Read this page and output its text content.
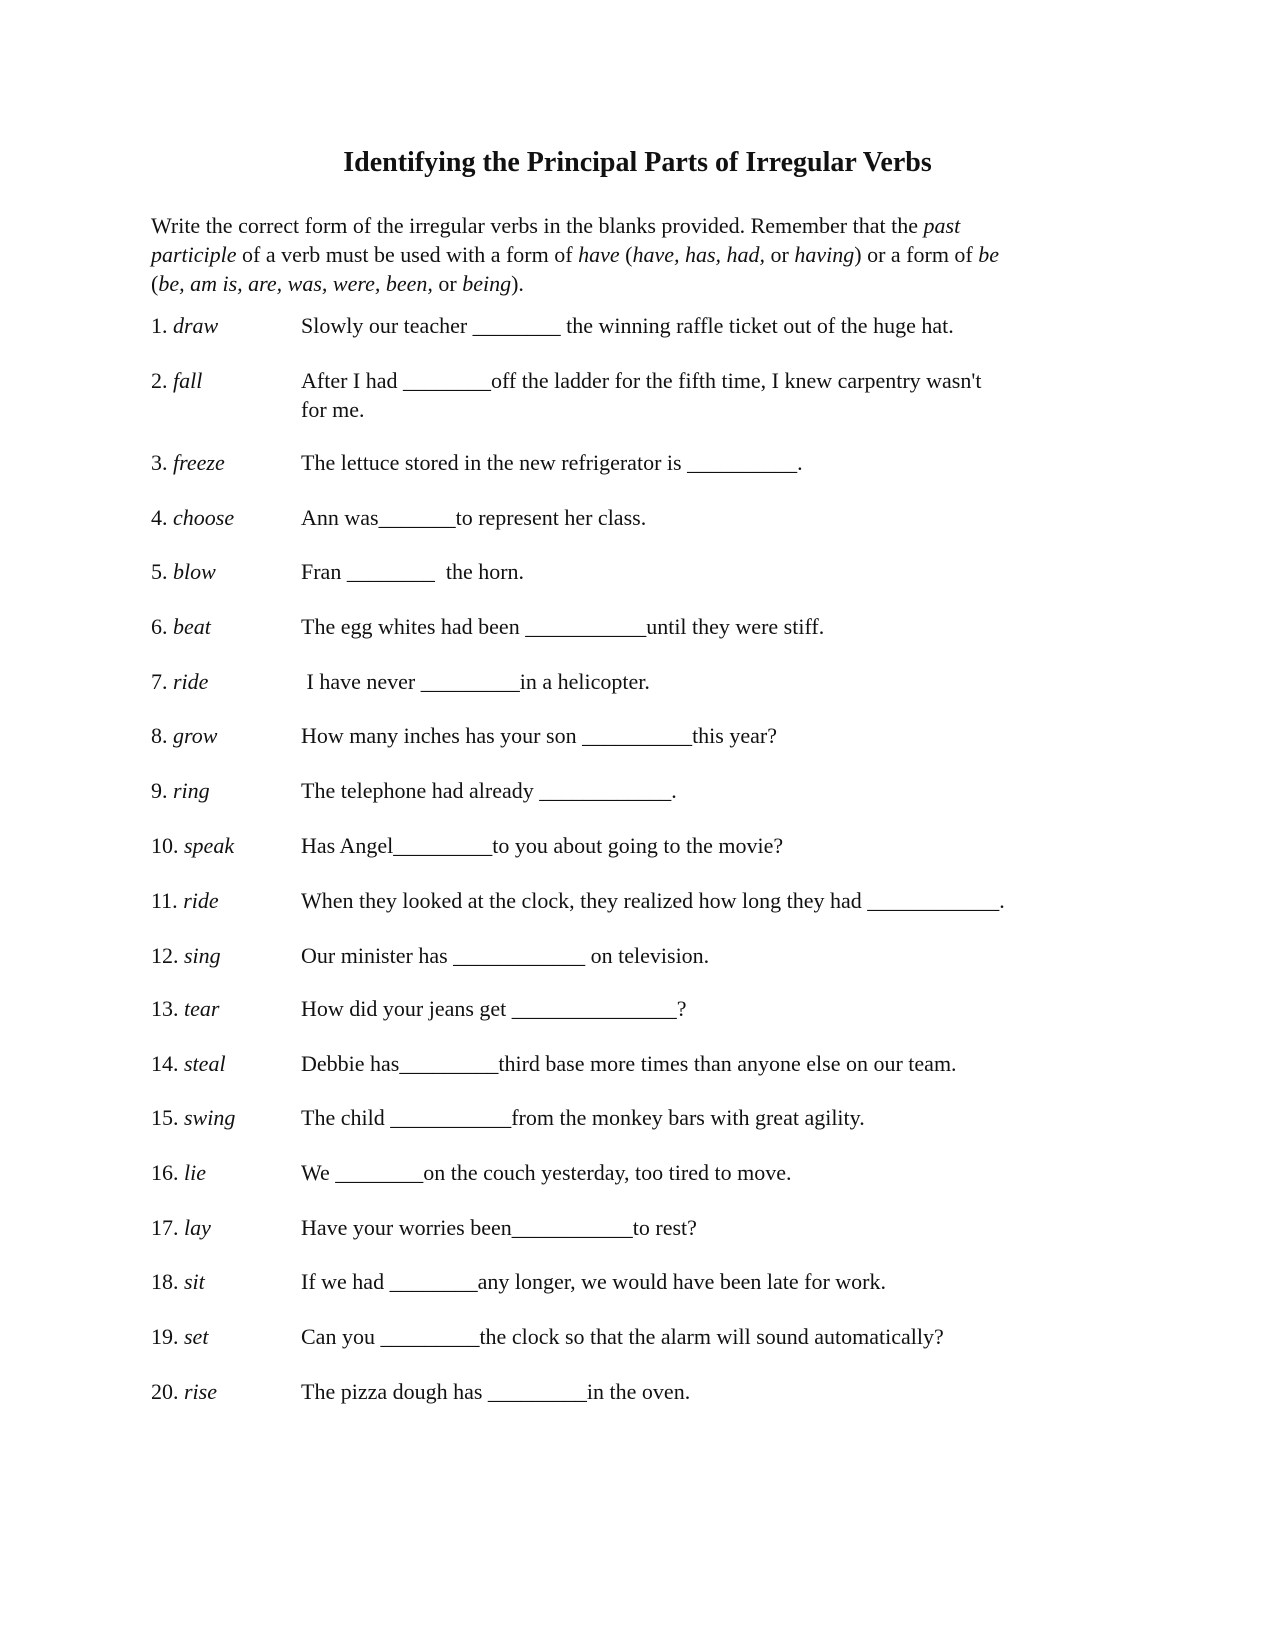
Identifying the Principal Parts of Irregular Verbs

Write the correct form of the irregular verbs in the blanks provided. Remember that the past

participle of a verb must be used with a form of have (have, has, had, or having) or a form of be

(be, am is, are, was, were, been, or being).

1. draw	Slowly our teacher ________ the winning raffle ticket out of the huge hat.
2. fall	After I had ________off the ladder for the fifth time, I knew carpentry wasn't
for me.
3. freeze	The lettuce stored in the new refrigerator is __________.
4. choose	Ann was_______to represent her class.
5. blow	Fran ________  the horn.
6. beat	The egg whites had been ___________until they were stiff.
7. ride	I have never _________in a helicopter.
8. grow	How many inches has your son __________this year?
9. ring	The telephone had already ____________.
10. speak	Has Angel_________to you about going to the movie?
11. ride	When they looked at the clock, they realized how long they had ____________.
12. sing	Our minister has ____________ on television.
13. tear	How did your jeans get _______________?
14. steal	Debbie has_________third base more times than anyone else on our team.
15. swing	The child ___________from the monkey bars with great agility.
16. lie	We ________on the couch yesterday, too tired to move.
17. lay	Have your worries been___________to rest?
18. sit	If we had ________any longer, we would have been late for work.
19. set	Can you _________the clock so that the alarm will sound automatically?
20. rise	The pizza dough has _________in the oven.
